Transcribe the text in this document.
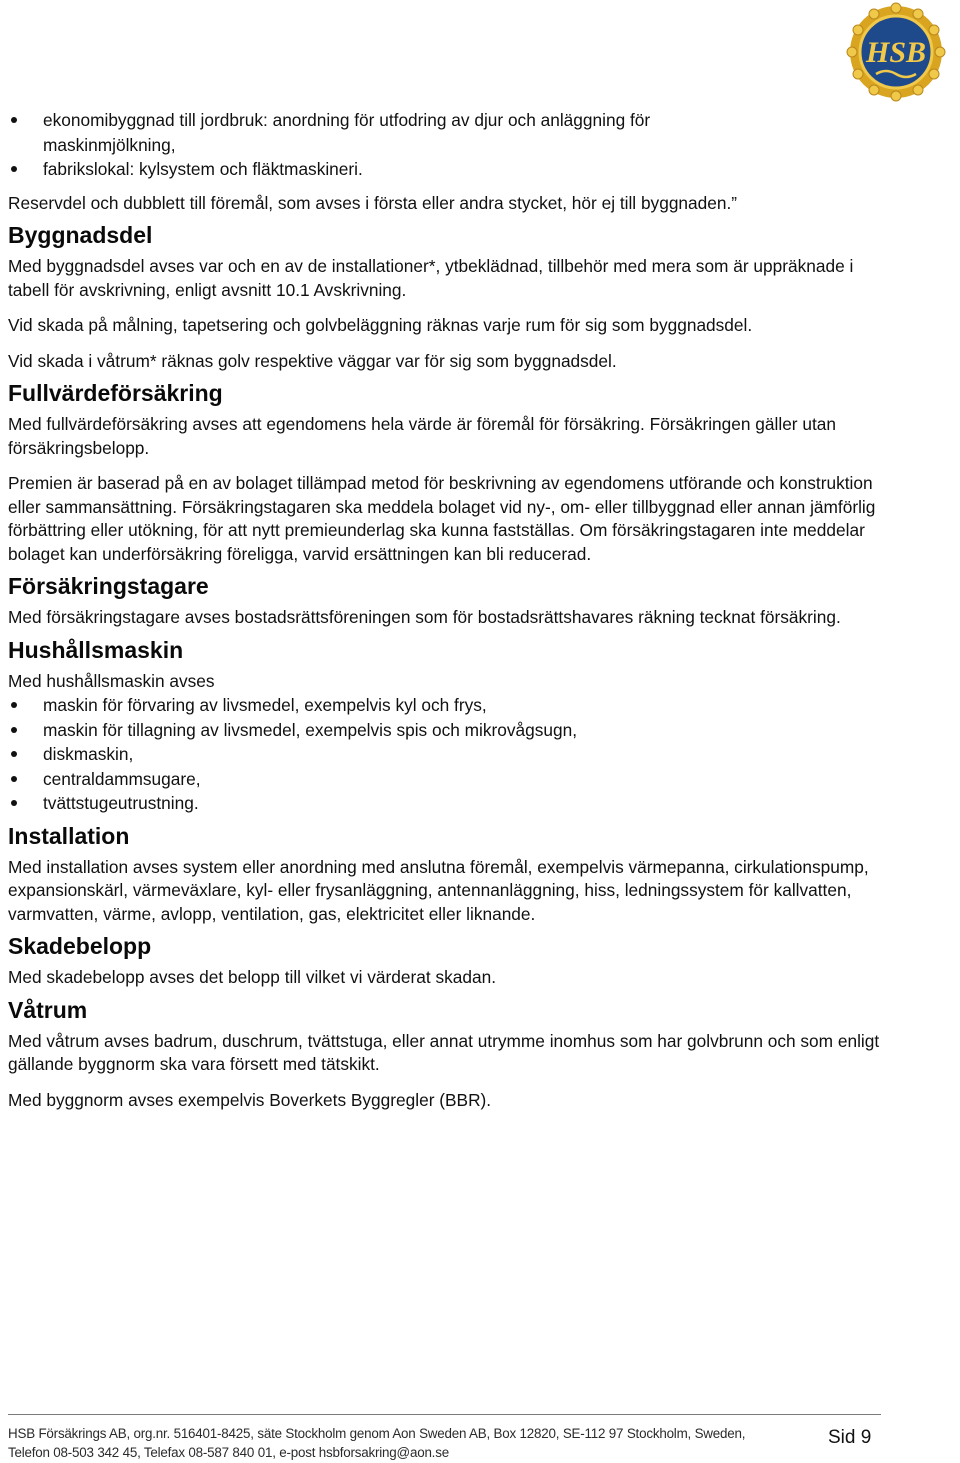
HSB
ekonomibyggnad till jordbruk: anordning för utfodring av djur och anläggning för maskinmjölkning,
fabrikslokal: kylsystem och fläktmaskineri.

Reservdel och dubblett till föremål, som avses i första eller andra stycket, hör ej till byggnaden.”

Byggnadsdel

Med byggnadsdel avses var och en av de installationer*, ytbeklädnad, tillbehör med mera som är uppräknade i tabell för avskrivning, enligt avsnitt 10.1 Avskrivning.

Vid skada på målning, tapetsering och golvbeläggning räknas varje rum för sig som byggnadsdel.

Vid skada i våtrum* räknas golv respektive väggar var för sig som byggnadsdel.

Fullvärdeförsäkring

Med fullvärdeförsäkring avses att egendomens hela värde är föremål för försäkring. Försäkringen gäller utan försäkringsbelopp.

Premien är baserad på en av bolaget tillämpad metod för beskrivning av egendomens utförande och konstruktion eller sammansättning. Försäkringstagaren ska meddela bolaget vid ny-, om- eller tillbyggnad eller annan jämförlig förbättring eller utökning, för att nytt premieunderlag ska kunna fastställas. Om försäkringstagaren inte meddelar bolaget kan underförsäkring föreligga, varvid ersättningen kan bli reducerad.

Försäkringstagare

Med försäkringstagare avses bostadsrättsföreningen som för bostadsrättshavares räkning tecknat försäkring.

Hushållsmaskin

Med hushållsmaskin avses

maskin för förvaring av livsmedel, exempelvis kyl och frys,
maskin för tillagning av livsmedel, exempelvis spis och mikrovågsugn,
diskmaskin,
centraldammsugare,
tvättstugeutrustning.
Installation

Med installation avses system eller anordning med anslutna föremål, exempelvis värmepanna, cirkulationspump, expansionskärl, värmeväxlare, kyl- eller frysanläggning, antennanläggning, hiss, ledningssystem för kallvatten, varmvatten, värme, avlopp, ventilation, gas, elektricitet eller liknande.

Skadebelopp

Med skadebelopp avses det belopp till vilket vi värderat skadan.

Våtrum

Med våtrum avses badrum, duschrum, tvättstuga, eller annat utrymme inomhus som har golvbrunn och som enligt gällande byggnorm ska vara försett med tätskikt.

Med byggnorm avses exempelvis Boverkets Byggregler (BBR).

HSB Försäkrings AB, org.nr. 516401-8425, säte Stockholm genom Aon Sweden AB, Box 12820, SE-112 97 Stockholm, Sweden,
Telefon 08-503 342 45, Telefax 08-587 840 01, e-post hsbforsakring@aon.se
Sid 9
